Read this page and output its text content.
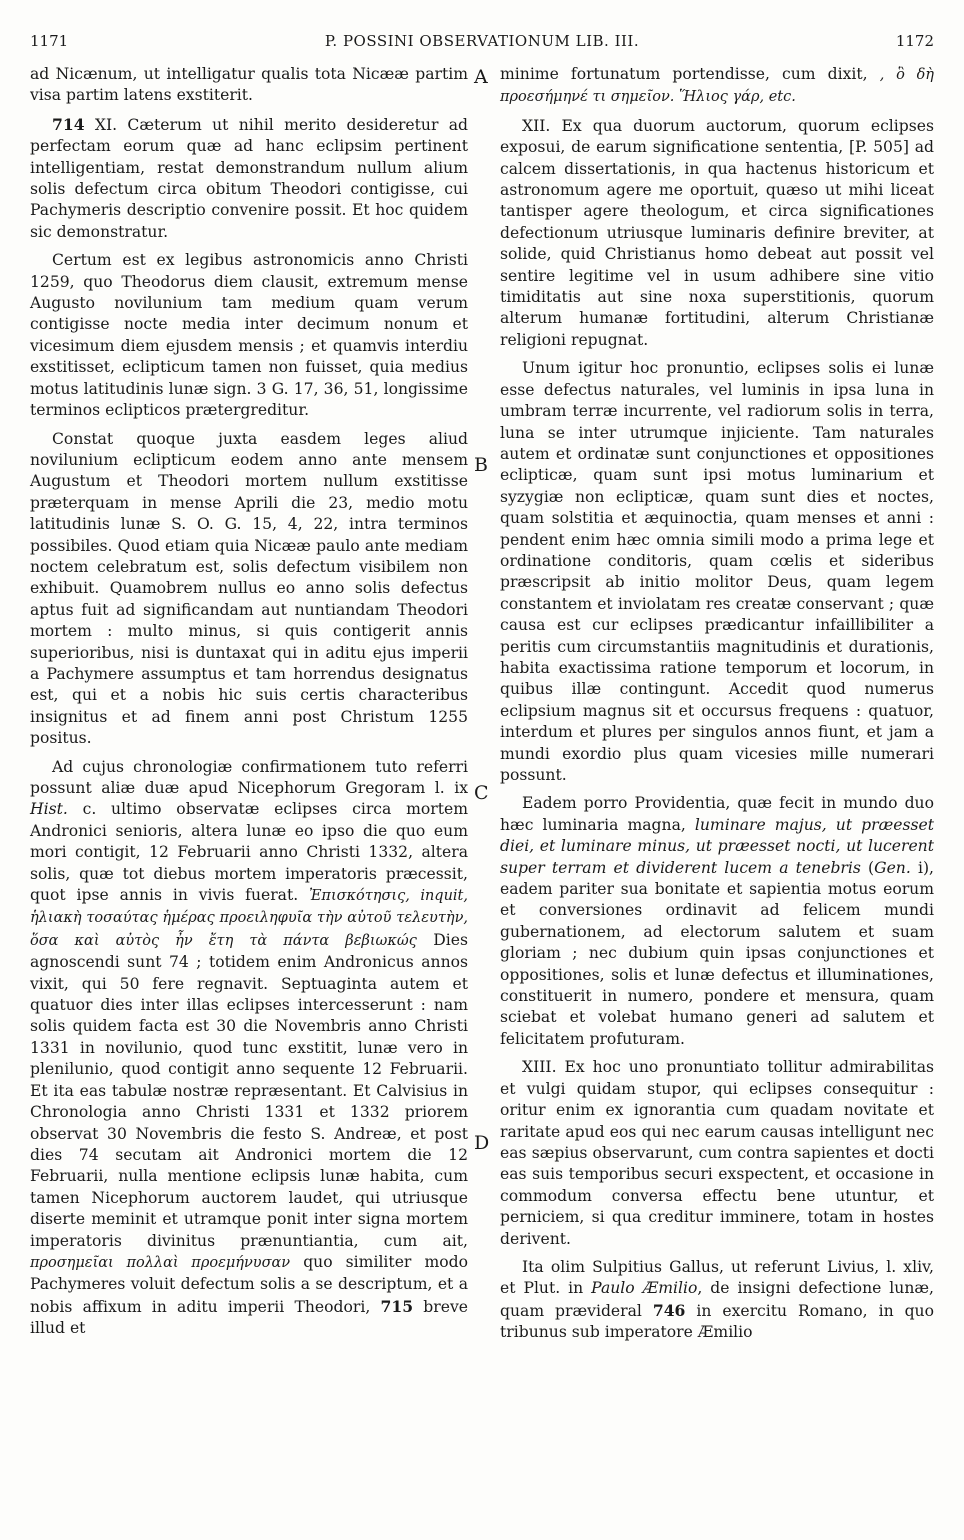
1171	P. POSSINI OBSERVATIONUM LIB. III.	1172
A
B
C
D

ad Nicænum, ut intelligatur qualis tota Nicææ partim visa partim latens exstiterit.

714 XI. Cæterum ut nihil merito desideretur ad perfectam eorum quæ ad hanc eclipsim pertinent intelligentiam, restat demonstrandum nullum alium solis defectum circa obitum Theodori contigisse, cui Pachymeris descriptio convenire possit. Et hoc quidem sic demonstratur.

Certum est ex legibus astronomicis anno Christi 1259, quo Theodorus diem clausit, extremum mense Augusto novilunium tam medium quam verum contigisse nocte media inter decimum nonum et vicesimum diem ejusdem mensis ; et quamvis interdiu exstitisset, eclipticum tamen non fuisset, quia medius motus latitudinis lunæ sign. 3 G. 17, 36, 51, longissime terminos eclipticos prætergreditur.

Constat quoque juxta easdem leges aliud novilunium eclipticum eodem anno ante mensem Augustum et Theodori mortem nullum exstitisse præterquam in mense Aprili die 23, medio motu latitudinis lunæ S. O. G. 15, 4, 22, intra terminos possibiles. Quod etiam quia Nicææ paulo ante mediam noctem celebratum est, solis defectum visibilem non exhibuit. Quamobrem nullus eo anno solis defectus aptus fuit ad significandam aut nuntiandam Theodori mortem : multo minus, si quis contigerit annis superioribus, nisi is duntaxat qui in aditu ejus imperii a Pachymere assumptus et tam horrendus designatus est, qui et a nobis hic suis certis characteribus insignitus et ad finem anni post Christum 1255 positus.

Ad cujus chronologiæ confirmationem tuto referri possunt aliæ duæ apud Nicephorum Gregoram l. ix Hist. c. ultimo observatæ eclipses circa mortem Andronici senioris, altera lunæ eo ipso die quo eum mori contigit, 12 Februarii anno Christi 1332, altera solis, quæ tot diebus mortem imperatoris præcessit, quot ipse annis in vivis fuerat. Ἐπισκότησις, inquit, ἡλιακὴ τοσαύτας ἡμέρας προειληφυῖα τὴν αὐτοῦ τελευτὴν, ὅσα καὶ αὐτὸς ἦν ἔτη τὰ πάντα βεβιωκώς Dies agnoscendi sunt 74 ; totidem enim Andronicus annos vixit, qui 50 fere regnavit. Septuaginta autem et quatuor dies inter illas eclipses intercesserunt : nam solis quidem facta est 30 die Novembris anno Christi 1331 in novilunio, quod tunc exstitit, lunæ vero in plenilunio, quod contigit anno sequente 12 Februarii. Et ita eas tabulæ nostræ repræsentant. Et Calvisius in Chronologia anno Christi 1331 et 1332 priorem observat 30 Novembris die festo S. Andreæ, et post dies 74 secutam ait Andronici mortem die 12 Februarii, nulla mentione eclipsis lunæ habita, cum tamen Nicephorum auctorem laudet, qui utriusque diserte meminit et utramque ponit inter signa mortem imperatoris divinitus prænuntiantia, cum ait, προσημεῖαι πολλαὶ προεμήνυσαν quo similiter modo Pachymeres voluit defectum solis a se descriptum, et a nobis affixum in aditu imperii Theodori, 715 breve illud et

minime fortunatum portendisse, cum dixit, , ὃ δὴ προεσήμηνέ τι σημεῖον. Ἥλιος γάρ, etc.

XII. Ex qua duorum auctorum, quorum eclipses exposui, de earum significatione sententia, [P. 505] ad calcem dissertationis, in qua hactenus historicum et astronomum agere me oportuit, quæso ut mihi liceat tantisper agere theologum, et circa significationes defectionum utriusque luminaris definire breviter, at solide, quid Christianus homo debeat aut possit vel sentire legitime vel in usum adhibere sine vitio timiditatis aut sine noxa superstitionis, quorum alterum humanæ fortitudini, alterum Christianæ religioni repugnat.

Unum igitur hoc pronuntio, eclipses solis ei lunæ esse defectus naturales, vel luminis in ipsa luna in umbram terræ incurrente, vel radiorum solis in terra, luna se inter utrumque injiciente. Tam naturales autem et ordinatæ sunt conjunctiones et oppositiones eclipticæ, quam sunt ipsi motus luminarium et syzygiæ non eclipticæ, quam sunt dies et noctes, quam solstitia et æquinoctia, quam menses et anni : pendent enim hæc omnia simili modo a prima lege et ordinatione conditoris, quam cœlis et sideribus præscripsit ab initio molitor Deus, quam legem constantem et inviolatam res creatæ conservant ; quæ causa est cur eclipses prædicantur infaillibiliter a peritis cum circumstantiis magnitudinis et durationis, habita exactissima ratione temporum et locorum, in quibus illæ contingunt. Accedit quod numerus eclipsium magnus sit et occursus frequens : quatuor, interdum et plures per singulos annos fiunt, et jam a mundi exordio plus quam vicesies mille numerari possunt.

Eadem porro Providentia, quæ fecit in mundo duo hæc luminaria magna, luminare majus, ut præesset diei, et luminare minus, ut præesset nocti, ut lucerent super terram et dividerent lucem a tenebris (Gen. i), eadem pariter sua bonitate et sapientia motus eorum et conversiones ordinavit ad felicem mundi gubernationem, ad electorum salutem et suam gloriam ; nec dubium quin ipsas conjunctiones et oppositiones, solis et lunæ defectus et illuminationes, constituerit in numero, pondere et mensura, quam sciebat et volebat humano generi ad salutem et felicitatem profuturam.

XIII. Ex hoc uno pronuntiato tollitur admirabilitas et vulgi quidam stupor, qui eclipses consequitur : oritur enim ex ignorantia cum quadam novitate et raritate apud eos qui nec earum causas intelligunt nec eas sæpius observarunt, cum contra sapientes et docti eas suis temporibus securi exspectent, et occasione in commodum conversa effectu bene utuntur, et perniciem, si qua creditur imminere, totam in hostes derivent.

Ita olim Sulpitius Gallus, ut referunt Livius, l. xliv, et Plut. in Paulo Æmilio, de insigni defectione lunæ, quam prævideral 746 in exercitu Romano, in quo tribunus sub imperatore Æmilio
